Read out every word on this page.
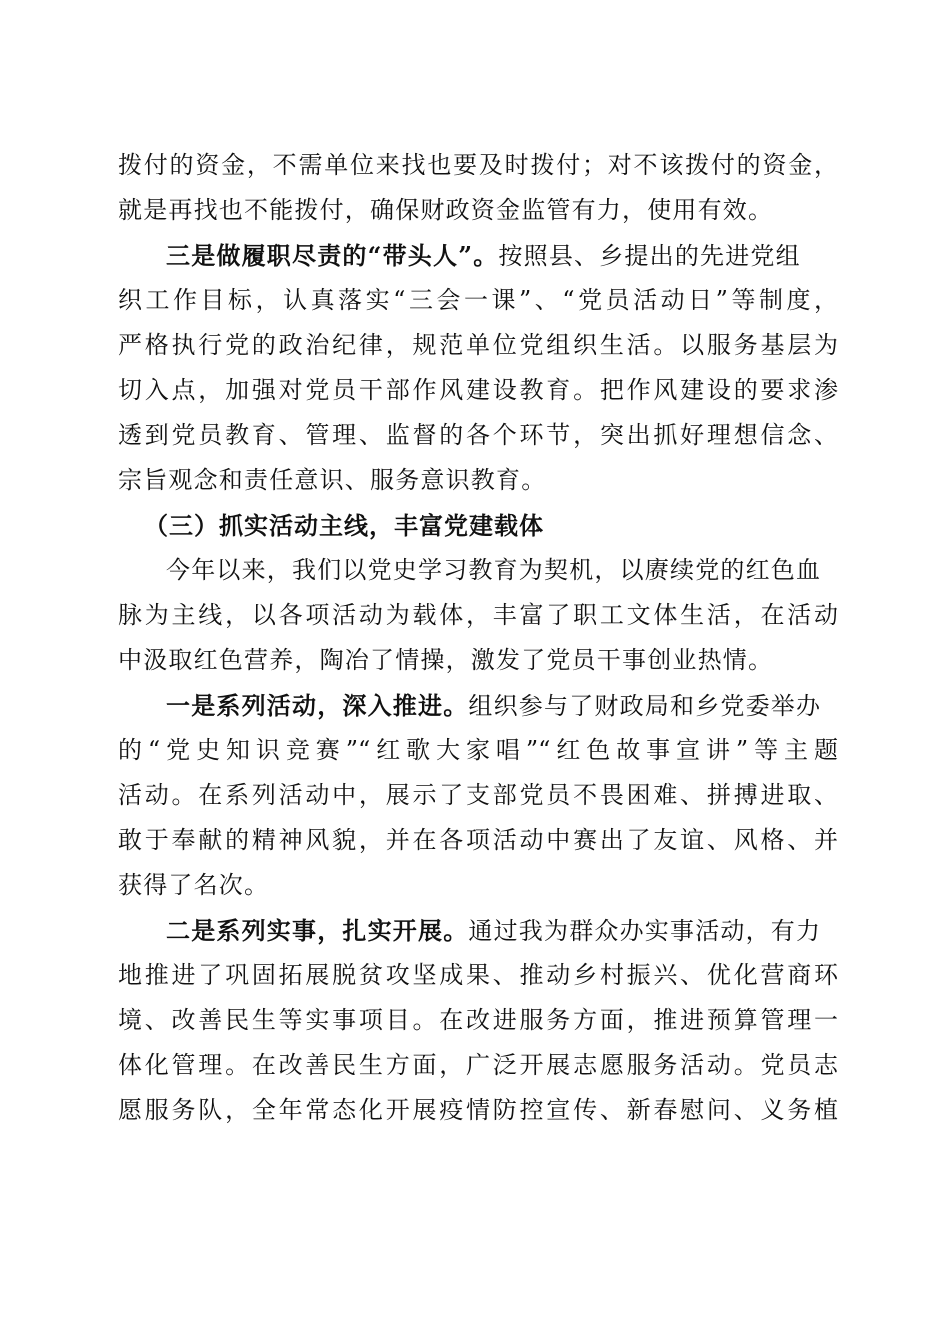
拨付的资金，不需单位来找也要及时拨付；对不该拨付的资金，
就是再找也不能拨付，确保财政资金监管有力，使用有效。
三是做履职尽责的“带头人”。按照县、乡提出的先进党组
织工作目标，认真落实“三会一课”、“党员活动日”等制度，
严格执行党的政治纪律，规范单位党组织生活。以服务基层为
切入点，加强对党员干部作风建设教育。把作风建设的要求渗
透到党员教育、管理、监督的各个环节，突出抓好理想信念、
宗旨观念和责任意识、服务意识教育。
（三）抓实活动主线，丰富党建载体
今年以来，我们以党史学习教育为契机，以赓续党的红色血
脉为主线，以各项活动为载体，丰富了职工文体生活，在活动
中汲取红色营养，陶冶了情操，激发了党员干事创业热情。
一是系列活动，深入推进。组织参与了财政局和乡党委举办
的“党史知识竞赛”“红歌大家唱”“红色故事宣讲”等主题
活动。在系列活动中，展示了支部党员不畏困难、拼搏进取、
敢于奉献的精神风貌，并在各项活动中赛出了友谊、风格、并
获得了名次。
二是系列实事，扎实开展。通过我为群众办实事活动，有力
地推进了巩固拓展脱贫攻坚成果、推动乡村振兴、优化营商环
境、改善民生等实事项目。在改进服务方面，推进预算管理一
体化管理。在改善民生方面，广泛开展志愿服务活动。党员志
愿服务队，全年常态化开展疫情防控宣传、新春慰问、义务植
